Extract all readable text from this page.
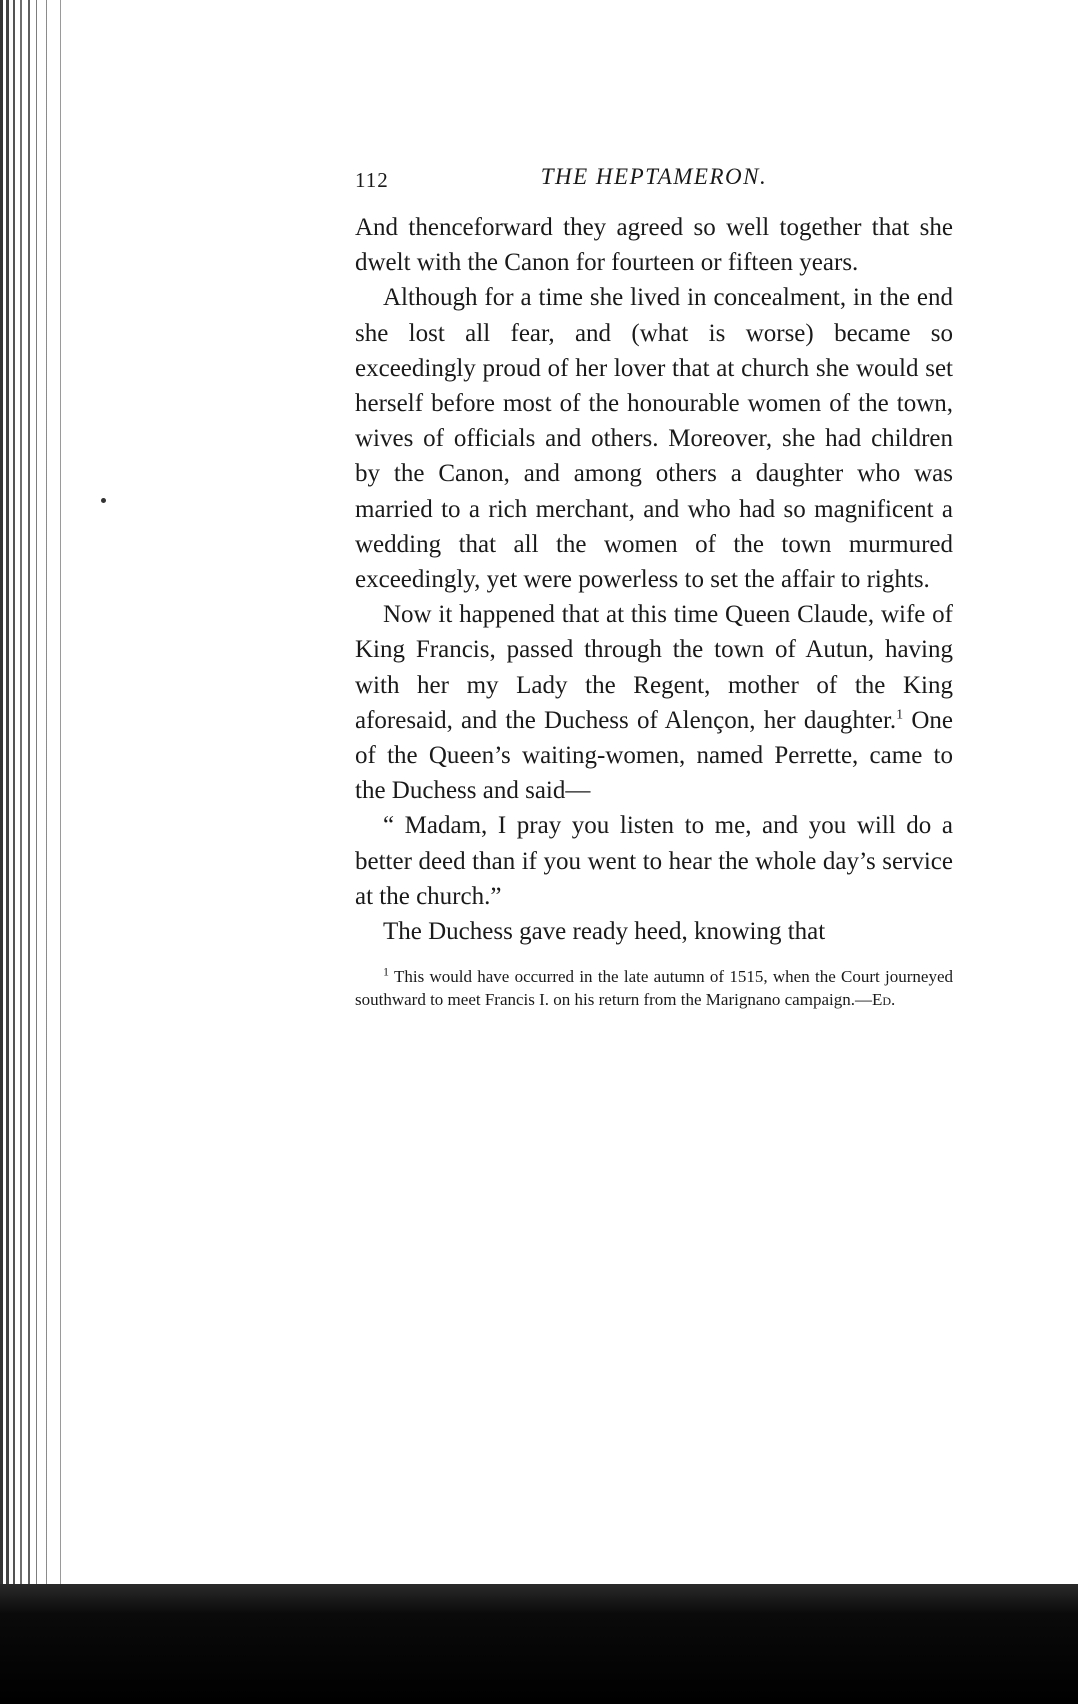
112	THE HEPTAMERON.

And thenceforward they agreed so well together that she dwelt with the Canon for fourteen or fifteen years.

Although for a time she lived in concealment, in the end she lost all fear, and (what is worse) became so exceedingly proud of her lover that at church she would set herself before most of the honourable women of the town, wives of officials and others. Moreover, she had children by the Canon, and among others a daughter who was married to a rich merchant, and who had so magnificent a wedding that all the women of the town murmured exceedingly, yet were powerless to set the affair to rights.

Now it happened that at this time Queen Claude, wife of King Francis, passed through the town of Autun, having with her my Lady the Regent, mother of the King aforesaid, and the Duchess of Alençon, her daughter.$^1$ One of the Queen’s waiting-women, named Perrette, came to the Duchess and said—

“ Madam, I pray you listen to me, and you will do a better deed than if you went to hear the whole day’s service at the church.”

The Duchess gave ready heed, knowing that

$^1$ This would have occurred in the late autumn of 1515, when the Court journeyed southward to meet Francis I. on his return from the Marignano campaign.—Ed.
